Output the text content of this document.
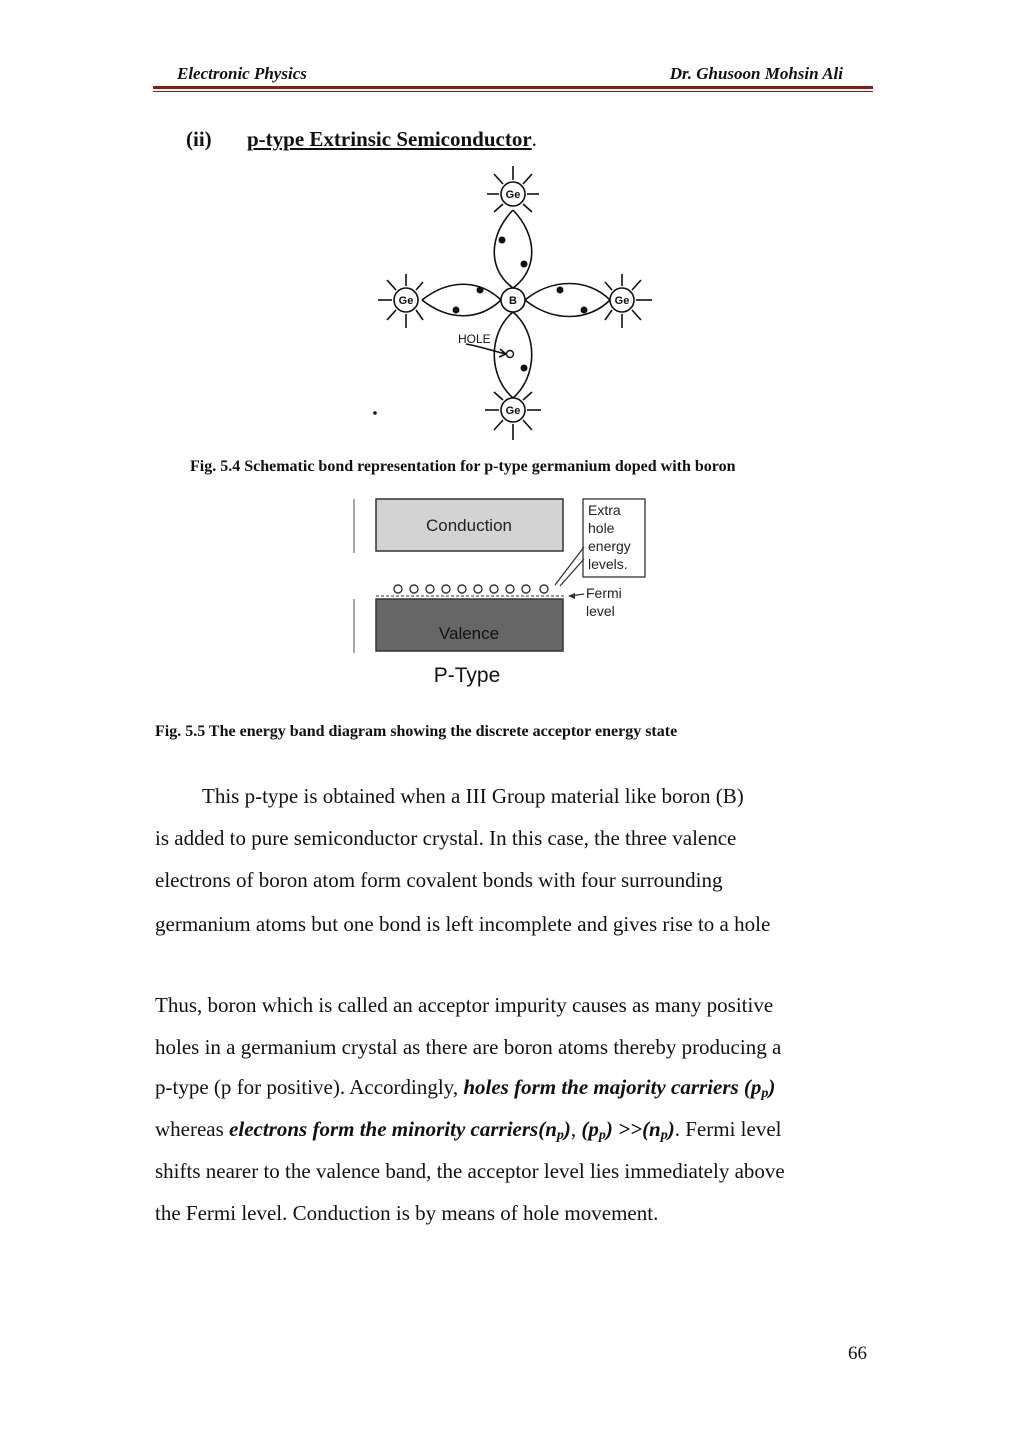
Electronic Physics	Dr. Ghusoon Mohsin Ali
(ii) p-type Extrinsic Semiconductor.
Ge
Ge	B	Ge
Ge
HOLE
Fig. 5.4 Schematic bond representation for p-type germanium doped with boron
Conduction
Valence
Extra
hole
energy
levels.
Fermi
level
P-Type
Fig. 5.5 The energy band diagram showing the discrete acceptor energy state
This p-type is obtained when a III Group material like boron (B)
is added to pure semiconductor crystal. In this case, the three valence
electrons of boron atom form covalent bonds with four surrounding
germanium atoms but one bond is left incomplete and gives rise to a hole
Thus, boron which is called an acceptor impurity causes as many positive
holes in a germanium crystal as there are boron atoms thereby producing a
p-type (p for positive). Accordingly, holes form the majority carriers $(p_p)$
whereas electrons form the minority $carriers(n_p)$, $(p_p) >>(n_p)$. Fermi level
shifts nearer to the valence band, the acceptor level lies immediately above
the Fermi level. Conduction is by means of hole movement.
66
